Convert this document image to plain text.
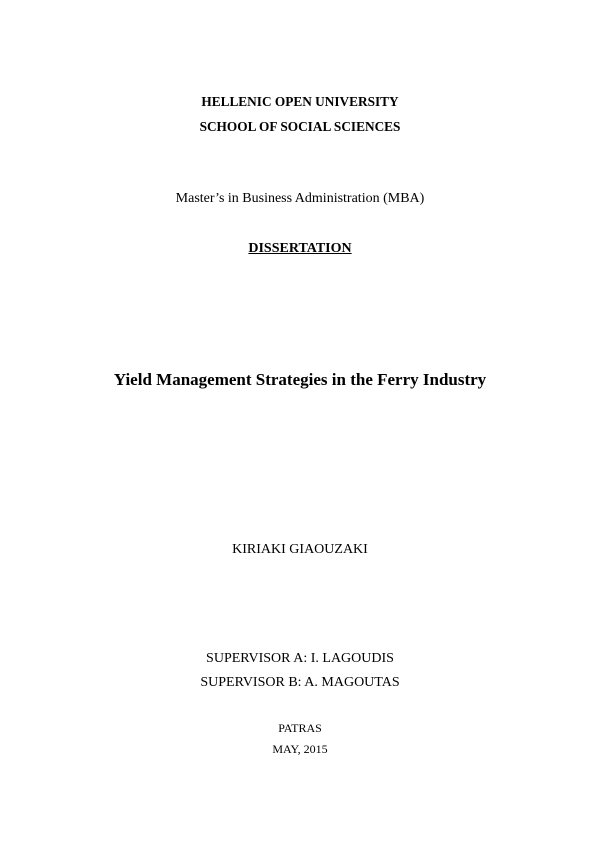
HELLENIC OPEN UNIVERSITY
SCHOOL OF SOCIAL SCIENCES
Master’s in Business Administration (MBA)
DISSERTATION
Yield Management Strategies in the Ferry Industry
KIRIAKI GIAOUZAKI
SUPERVISOR A: I. LAGOUDIS
SUPERVISOR B: A. MAGOUTAS
PATRAS
MAY, 2015
